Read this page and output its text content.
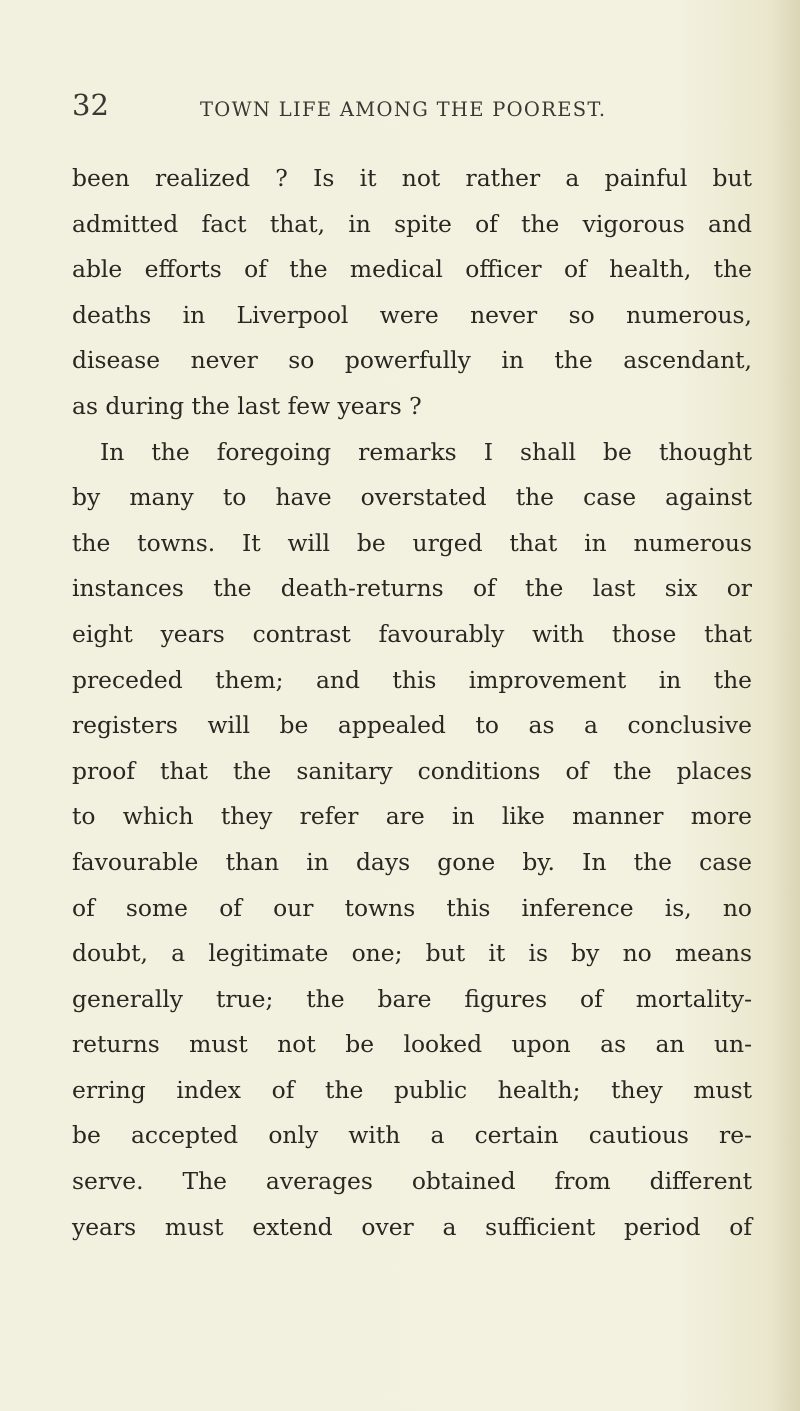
32	TOWN LIFE AMONG THE POOREST.
been realized ? Is it not rather a painful but
admitted fact that, in spite of the vigorous and
able efforts of the medical officer of health, the
deaths in Liverpool were never so numerous,
disease never so powerfully in the ascendant,
as during the last few years ?
In the foregoing remarks I shall be thought
by many to have overstated the case against
the towns. It will be urged that in numerous
instances the death-returns of the last six or
eight years contrast favourably with those that
preceded them; and this improvement in the
registers will be appealed to as a conclusive
proof that the sanitary conditions of the places
to which they refer are in like manner more
favourable than in days gone by. In the case
of some of our towns this inference is, no
doubt, a legitimate one; but it is by no means
generally true; the bare figures of mortality-
returns must not be looked upon as an un-
erring index of the public health; they must
be accepted only with a certain cautious re-
serve. The averages obtained from different
years must extend over a sufficient period of
